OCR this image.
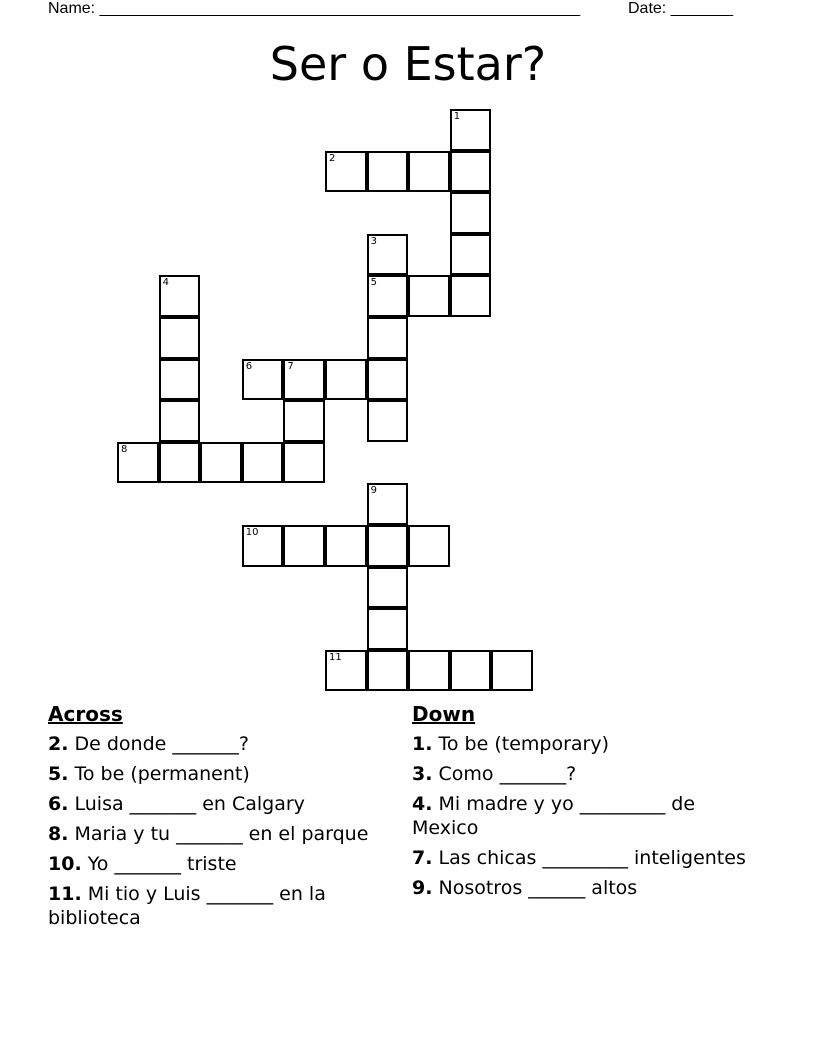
Name: ______________________________________________________	Date: _______
Ser o Estar?
1
2
3
4	5
6	7
8
9
10
11
Across
2. De donde _______?
5. To be (permanent)
6. Luisa _______ en Calgary
8. Maria y tu _______ en el parque
10. Yo _______ triste
11. Mi tio y Luis _______ en la biblioteca
Down
1. To be (temporary)
3. Como _______?
4. Mi madre y yo _________ de Mexico
7. Las chicas _________ inteligentes
9. Nosotros ______ altos
